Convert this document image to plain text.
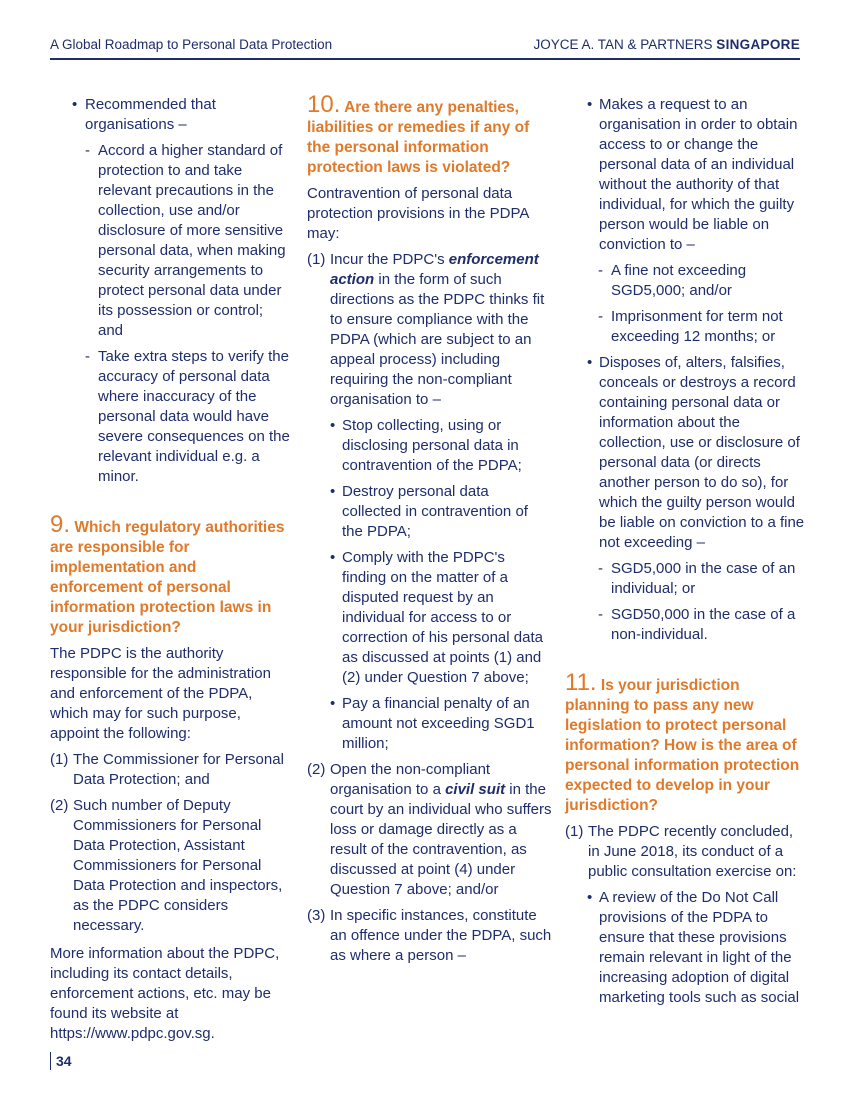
A Global Roadmap to Personal Data Protection	JOYCE A. TAN & PARTNERS SINGAPORE

• Recommended that organisations –

- Accord a higher standard of protection to and take relevant precautions in the collection, use and/or disclosure of more sensitive personal data, when making security arrangements to protect personal data under its possession or control; and

- Take extra steps to verify the accuracy of personal data where inaccuracy of the personal data would have severe consequences on the relevant individual e.g. a minor.

9. Which regulatory authorities are responsible for implementation and enforcement of personal information protection laws in your jurisdiction?

The PDPC is the authority responsible for the administration and enforcement of the PDPA, which may for such purpose, appoint the following:

(1) The Commissioner for Personal Data Protection; and

(2) Such number of Deputy Commissioners for Personal Data Protection, Assistant Commissioners for Personal Data Protection and inspectors, as the PDPC considers necessary.

More information about the PDPC, including its contact details, enforcement actions, etc. may be found its website at https://www.pdpc.gov.sg.

10. Are there any penalties, liabilities or remedies if any of the personal information protection laws is violated?

Contravention of personal data protection provisions in the PDPA may:

(1) Incur the PDPC's enforcement action in the form of such directions as the PDPC thinks fit to ensure compliance with the PDPA (which are subject to an appeal process) including requiring the non-compliant organisation to –

• Stop collecting, using or disclosing personal data in contravention of the PDPA;

• Destroy personal data collected in contravention of the PDPA;

• Comply with the PDPC's finding on the matter of a disputed request by an individual for access to or correction of his personal data as discussed at points (1) and (2) under Question 7 above;

• Pay a financial penalty of an amount not exceeding SGD1 million;

(2) Open the non-compliant organisation to a civil suit in the court by an individual who suffers loss or damage directly as a result of the contravention, as discussed at point (4) under Question 7 above; and/or

(3) In specific instances, constitute an offence under the PDPA, such as where a person –

• Makes a request to an organisation in order to obtain access to or change the personal data of an individual without the authority of that individual, for which the guilty person would be liable on conviction to –

- A fine not exceeding SGD5,000; and/or

- Imprisonment for term not exceeding 12 months; or

• Disposes of, alters, falsifies, conceals or destroys a record containing personal data or information about the collection, use or disclosure of personal data (or directs another person to do so), for which the guilty person would be liable on conviction to a fine not exceeding –

- SGD5,000 in the case of an individual; or

- SGD50,000 in the case of a non-individual.

11. Is your jurisdiction planning to pass any new legislation to protect personal information? How is the area of personal information protection expected to develop in your jurisdiction?

(1) The PDPC recently concluded, in June 2018, its conduct of a public consultation exercise on:

• A review of the Do Not Call provisions of the PDPA to ensure that these provisions remain relevant in light of the increasing adoption of digital marketing tools such as social

34
